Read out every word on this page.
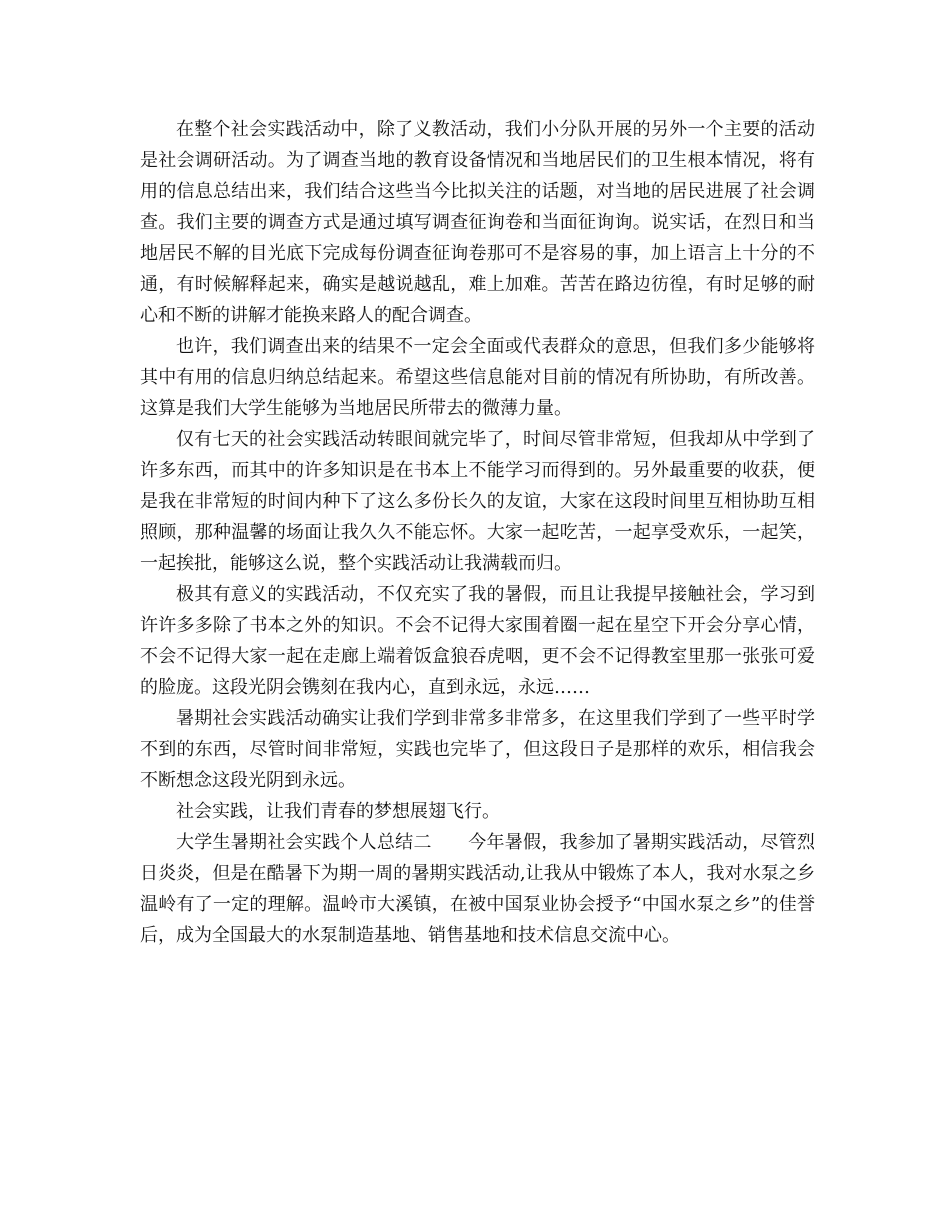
在整个社会实践活动中，除了义教活动，我们小分队开展的另外一个主要的活动是社会调研活动。为了调查当地的教育设备情况和当地居民们的卫生根本情况，将有用的信息总结出来，我们结合这些当今比拟关注的话题，对当地的居民进展了社会调查。我们主要的调查方式是通过填写调查征询卷和当面征询询。说实话，在烈日和当地居民不解的目光底下完成每份调查征询卷那可不是容易的事，加上语言上十分的不通，有时候解释起来，确实是越说越乱，难上加难。苦苦在路边彷徨，有时足够的耐心和不断的讲解才能换来路人的配合调查。

也许，我们调查出来的结果不一定会全面或代表群众的意思，但我们多少能够将其中有用的信息归纳总结起来。希望这些信息能对目前的情况有所协助，有所改善。这算是我们大学生能够为当地居民所带去的微薄力量。

仅有七天的社会实践活动转眼间就完毕了，时间尽管非常短，但我却从中学到了许多东西，而其中的许多知识是在书本上不能学习而得到的。另外最重要的收获，便是我在非常短的时间内种下了这么多份长久的友谊，大家在这段时间里互相协助互相照顾，那种温馨的场面让我久久不能忘怀。大家一起吃苦，一起享受欢乐，一起笑，一起挨批，能够这么说，整个实践活动让我满载而归。

极其有意义的实践活动，不仅充实了我的暑假，而且让我提早接触社会，学习到许许多多除了书本之外的知识。不会不记得大家围着圈一起在星空下开会分享心情，不会不记得大家一起在走廊上端着饭盒狼吞虎咽，更不会不记得教室里那一张张可爱的脸庞。这段光阴会镌刻在我内心，直到永远，永远……

暑期社会实践活动确实让我们学到非常多非常多，在这里我们学到了一些平时学不到的东西，尽管时间非常短，实践也完毕了，但这段日子是那样的欢乐，相信我会不断想念这段光阴到永远。

社会实践，让我们青春的梦想展翅飞行。

大学生暑期社会实践个人总结二　　今年暑假，我参加了暑期实践活动，尽管烈日炎炎，但是在酷暑下为期一周的暑期实践活动,让我从中锻炼了本人，我对水泵之乡温岭有了一定的理解。温岭市大溪镇，在被中国泵业协会授予“中国水泵之乡”的佳誉后，成为全国最大的水泵制造基地、销售基地和技术信息交流中心。
